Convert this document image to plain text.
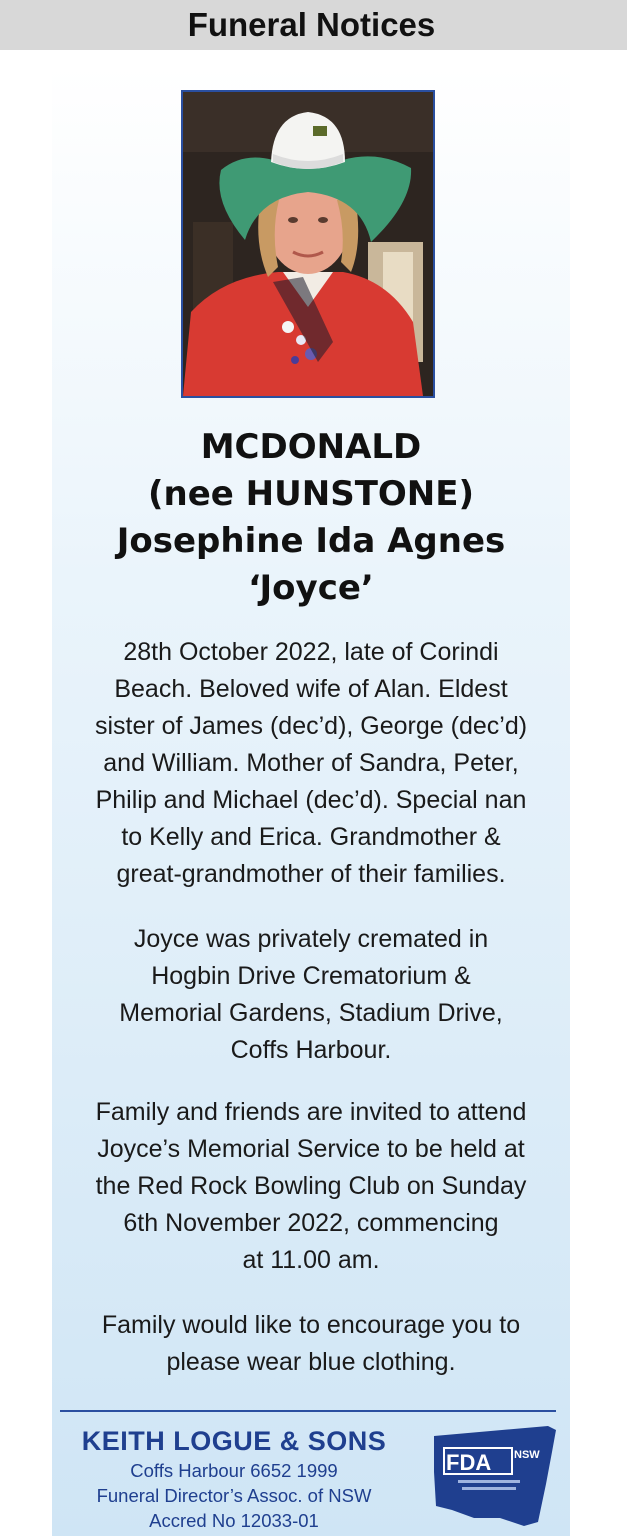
Funeral Notices
MCDONALD
(nee HUNSTONE)
Josephine Ida Agnes
‘Joyce’
28th October 2022, late of Corindi
Beach. Beloved wife of Alan. Eldest
sister of James (dec’d), George (dec’d)
and William. Mother of Sandra, Peter,
Philip and Michael (dec’d). Special nan
to Kelly and Erica. Grandmother &
great-grandmother of their families.
Joyce was privately cremated in
Hogbin Drive Crematorium &
Memorial Gardens, Stadium Drive,
Coffs Harbour.
Family and friends are invited to attend
Joyce’s Memorial Service to be held at
the Red Rock Bowling Club on Sunday
6th November 2022, commencing
at 11.00 am.
Family would like to encourage you to
please wear blue clothing.
KEITH LOGUE & SONS
Coffs Harbour 6652 1999
Funeral Director’s Assoc. of NSW
Accred No 12033-01
FDA NSW
